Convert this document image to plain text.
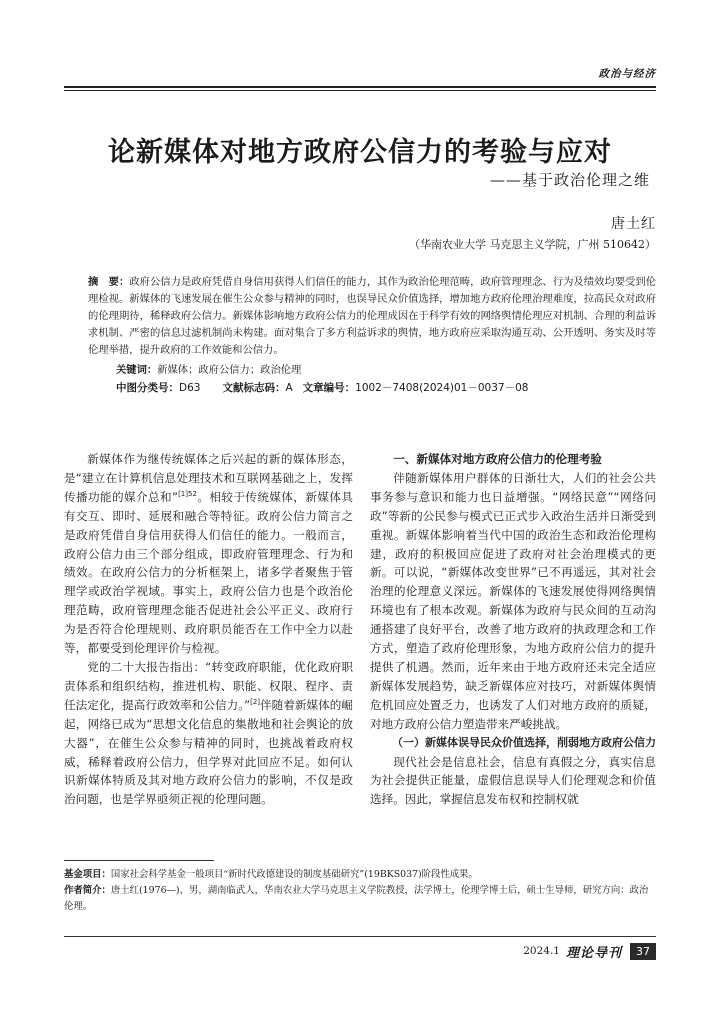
政治与经济
论新媒体对地方政府公信力的考验与应对
——基于政治伦理之维
唐土红
（华南农业大学 马克思主义学院，广州 510642）
摘　要：政府公信力是政府凭借自身信用获得人们信任的能力，其作为政治伦理范畴，政府管理理念、行为及绩效均要受到伦理检视。新媒体的飞速发展在催生公众参与精神的同时，也误导民众价值选择，增加地方政府伦理治理难度，拉高民众对政府的伦理期待，稀释政府公信力。新媒体影响地方政府公信力的伦理成因在于科学有效的网络舆情伦理应对机制、合理的利益诉求机制、严密的信息过滤机制尚未构建。面对集合了多方利益诉求的舆情，地方政府应采取沟通互动、公开透明、务实及时等伦理举措，提升政府的工作效能和公信力。
关键词：新媒体；政府公信力；政治伦理
中图分类号：D63 文献标志码：A 文章编号：1002－7408(2024)01－0037－08

新媒体作为继传统媒体之后兴起的新的媒体形态，是“建立在计算机信息处理技术和互联网基础之上，发挥传播功能的媒介总和”$^{[1]52}$。相较于传统媒体，新媒体具有交互、即时、延展和融合等特征。政府公信力简言之是政府凭借自身信用获得人们信任的能力。一般而言，政府公信力由三个部分组成，即政府管理理念、行为和绩效。在政府公信力的分析框架上，诸多学者聚焦于管理学或政治学视域。事实上，政府公信力也是个政治伦理范畴，政府管理理念能否促进社会公平正义、政府行为是否符合伦理规则、政府职员能否在工作中全力以赴等，都要受到伦理评价与检视。

党的二十大报告指出：“转变政府职能，优化政府职责体系和组织结构，推进机构、职能、权限、程序、责任法定化，提高行政效率和公信力。”[2]伴随着新媒体的崛起，网络已成为“思想文化信息的集散地和社会舆论的放大器”，在催生公众参与精神的同时，也挑战着政府权威，稀释着政府公信力，但学界对此回应不足。如何认识新媒体特质及其对地方政府公信力的影响，不仅是政治问题，也是学界亟须正视的伦理问题。

一、新媒体对地方政府公信力的伦理考验

伴随新媒体用户群体的日渐壮大，人们的社会公共事务参与意识和能力也日益增强。“网络民意”“网络问政”等新的公民参与模式已正式步入政治生活并日渐受到重视。新媒体影响着当代中国的政治生态和政治伦理构建，政府的积极回应促进了政府对社会治理模式的更新。可以说，“新媒体改变世界”已不再遥远，其对社会治理的伦理意义深远。新媒体的飞速发展使得网络舆情环境也有了根本改观。新媒体为政府与民众间的互动沟通搭建了良好平台，改善了地方政府的执政理念和工作方式，塑造了政府伦理形象，为地方政府公信力的提升提供了机遇。然而，近年来由于地方政府还未完全适应新媒体发展趋势，缺乏新媒体应对技巧，对新媒体舆情危机回应处置乏力，也诱发了人们对地方政府的质疑，对地方政府公信力塑造带来严峻挑战。

（一）新媒体误导民众价值选择，削弱地方政府公信力

现代社会是信息社会，信息有真假之分，真实信息为社会提供正能量，虚假信息误导人们伦理观念和价值选择。因此，掌握信息发布权和控制权就

基金项目：国家社会科学基金一般项目“新时代政德建设的制度基础研究”(19BKS037)阶段性成果。
作者简介：唐土红(1976—)，男，湖南临武人，华南农业大学马克思主义学院教授，法学博士，伦理学博士后，硕士生导师，研究方向：政治伦理。
2024.1 理论导刊	37
